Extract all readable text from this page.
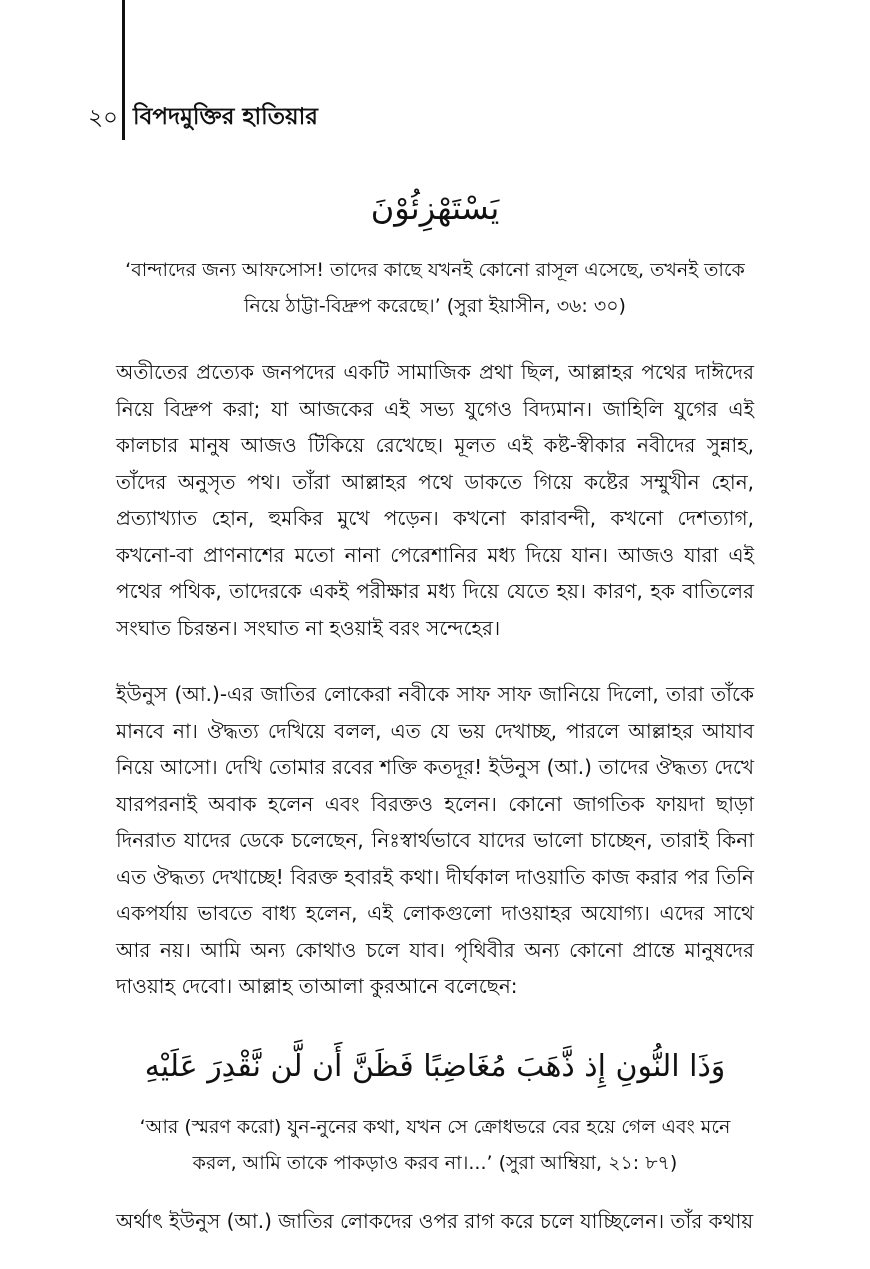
২০ বিপদমুক্তির হাতিয়ার

يَسْتَهْزِئُوْنَ

‘বান্দাদের জন্য আফসোস! তাদের কাছে যখনই কোনো রাসূল এসেছে, তখনই তাকে নিয়ে ঠাট্টা-বিদ্রুপ করেছে।’ (সুরা ইয়াসীন, ৩৬: ৩০)

অতীতের প্রত্যেক জনপদের একটি সামাজিক প্রথা ছিল, আল্লাহর পথের দাঈদের নিয়ে বিদ্রুপ করা; যা আজকের এই সভ্য যুগেও বিদ্যমান। জাহিলি যুগের এই কালচার মানুষ আজও টিকিয়ে রেখেছে। মূলত এই কষ্ট-স্বীকার নবীদের সুন্নাহ, তাঁদের অনুসৃত পথ। তাঁরা আল্লাহর পথে ডাকতে গিয়ে কষ্টের সম্মুখীন হোন, প্রত্যাখ্যাত হোন, হুমকির মুখে পড়েন। কখনো কারাবন্দী, কখনো দেশত্যাগ, কখনো-বা প্রাণনাশের মতো নানা পেরেশানির মধ্য দিয়ে যান। আজও যারা এই পথের পথিক, তাদেরকে একই পরীক্ষার মধ্য দিয়ে যেতে হয়। কারণ, হক বাতিলের সংঘাত চিরন্তন। সংঘাত না হওয়াই বরং সন্দেহের।

ইউনুস (আ.)-এর জাতির লোকেরা নবীকে সাফ সাফ জানিয়ে দিলো, তারা তাঁকে মানবে না। ঔদ্ধত্য দেখিয়ে বলল, এত যে ভয় দেখাচ্ছ, পারলে আল্লাহর আযাব নিয়ে আসো। দেখি তোমার রবের শক্তি কতদূর! ইউনুস (আ.) তাদের ঔদ্ধত্য দেখে যারপরনাই অবাক হলেন এবং বিরক্তও হলেন। কোনো জাগতিক ফায়দা ছাড়া দিনরাত যাদের ডেকে চলেছেন, নিঃস্বার্থভাবে যাদের ভালো চাচ্ছেন, তারাই কিনা এত ঔদ্ধত্য দেখাচ্ছে! বিরক্ত হবারই কথা। দীর্ঘকাল দাওয়াতি কাজ করার পর তিনি একপর্যায় ভাবতে বাধ্য হলেন, এই লোকগুলো দাওয়াহর অযোগ্য। এদের সাথে আর নয়। আমি অন্য কোথাও চলে যাব। পৃথিবীর অন্য কোনো প্রান্তে মানুষদের দাওয়াহ দেবো। আল্লাহ তাআলা কুরআনে বলেছেন:

وَذَا النُّونِ إِذ ذَّهَبَ مُغَاضِبًا فَظَنَّ أَن لَّن نَّقْدِرَ عَلَيْهِ

‘আর (স্মরণ করো) যুন-নুনের কথা, যখন সে ক্রোধভরে বের হয়ে গেল এবং মনে করল, আমি তাকে পাকড়াও করব না।...’ (সুরা আম্বিয়া, ২১: ৮৭)

অর্থাৎ ইউনুস (আ.) জাতির লোকদের ওপর রাগ করে চলে যাচ্ছিলেন। তাঁর কথায়
